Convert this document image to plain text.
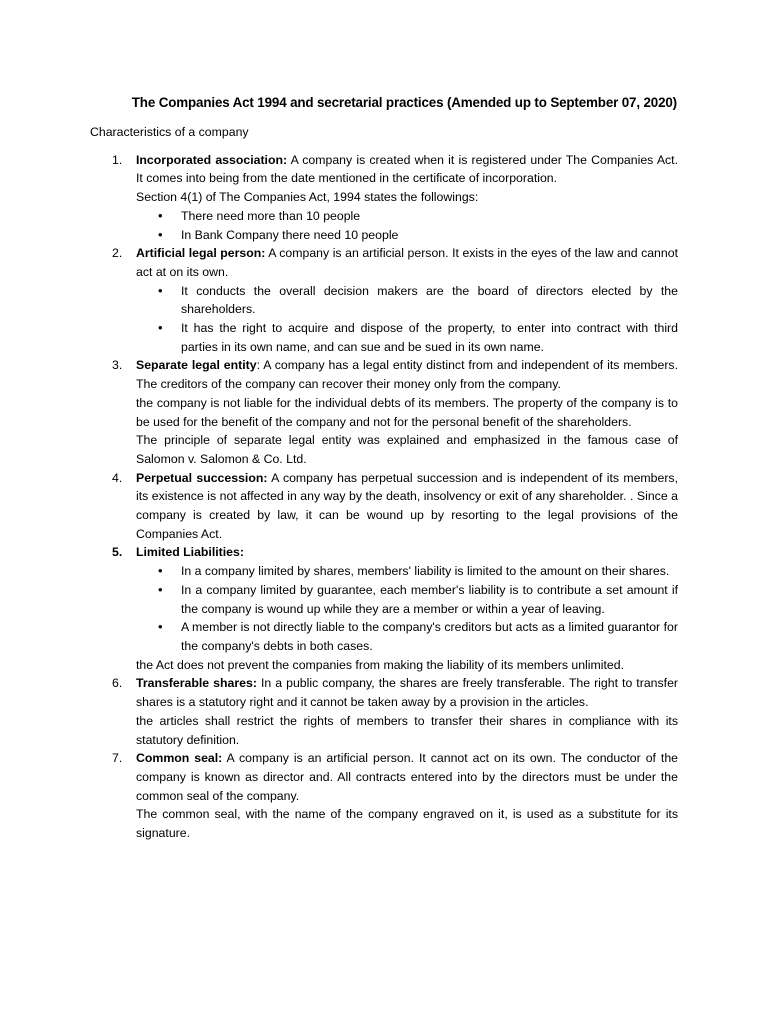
The Companies Act 1994 and secretarial practices (Amended up to September 07, 2020)
Characteristics of a company
1. Incorporated association: A company is created when it is registered under The Companies Act. It comes into being from the date mentioned in the certificate of incorporation.

Section 4(1) of The Companies Act, 1994 states the followings:

• There need more than 10 people
• In Bank Company there need 10 people
2. Artificial legal person: A company is an artificial person. It exists in the eyes of the law and cannot act at on its own.

• It conducts the overall decision makers are the board of directors elected by the shareholders.
• It has the right to acquire and dispose of the property, to enter into contract with third parties in its own name, and can sue and be sued in its own name.
3. Separate legal entity: A company has a legal entity distinct from and independent of its members. The creditors of the company can recover their money only from the company.

the company is not liable for the individual debts of its members. The property of the company is to be used for the benefit of the company and not for the personal benefit of the shareholders.

The principle of separate legal entity was explained and emphasized in the famous case of Salomon v. Salomon & Co. Ltd.

4. Perpetual succession: A company has perpetual succession and is independent of its members, its existence is not affected in any way by the death, insolvency or exit of any shareholder. . Since a company is created by law, it can be wound up by resorting to the legal provisions of the Companies Act.

5. Limited Liabilities:

• In a company limited by shares, members' liability is limited to the amount on their shares.
• In a company limited by guarantee, each member's liability is to contribute a set amount if the company is wound up while they are a member or within a year of leaving.
• A member is not directly liable to the company's creditors but acts as a limited guarantor for the company's debts in both cases.

the Act does not prevent the companies from making the liability of its members unlimited.

6. Transferable shares: In a public company, the shares are freely transferable. The right to transfer shares is a statutory right and it cannot be taken away by a provision in the articles.

the articles shall restrict the rights of members to transfer their shares in compliance with its statutory definition.

7. Common seal: A company is an artificial person. It cannot act on its own. The conductor of the company is known as director and. All contracts entered into by the directors must be under the common seal of the company.

The common seal, with the name of the company engraved on it, is used as a substitute for its signature.
